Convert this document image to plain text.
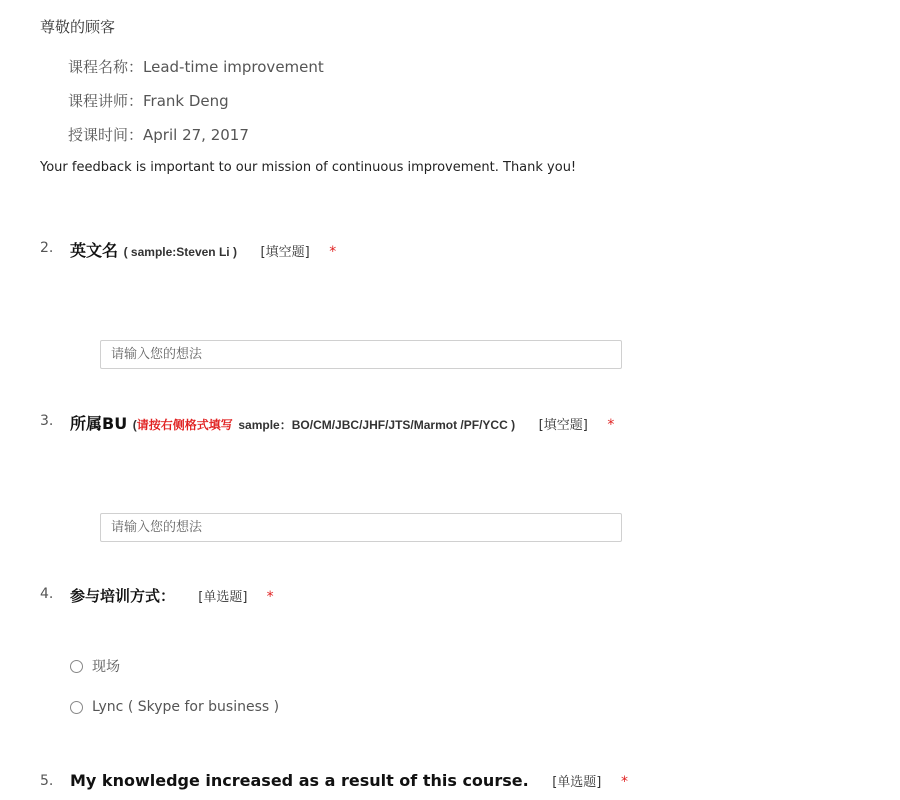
尊敬的顾客
课程名称：Lead-time improvement
课程讲师：Frank Deng
授课时间：April 27, 2017
Your feedback is important to our mission of continuous improvement. Thank you!
2. 英文名 ( sample:Steven Li ) [填空题] *
请输入您的想法
3. 所属BU (请按右侧格式填写 sample：BO/CM/JBC/JHF/JTS/Marmot /PF/YCC ) [填空题] *
请输入您的想法
4. 参与培训方式： [单选题] *
现场
Lync ( Skype for business )
5. My knowledge increased as a result of this course. [单选题] *
